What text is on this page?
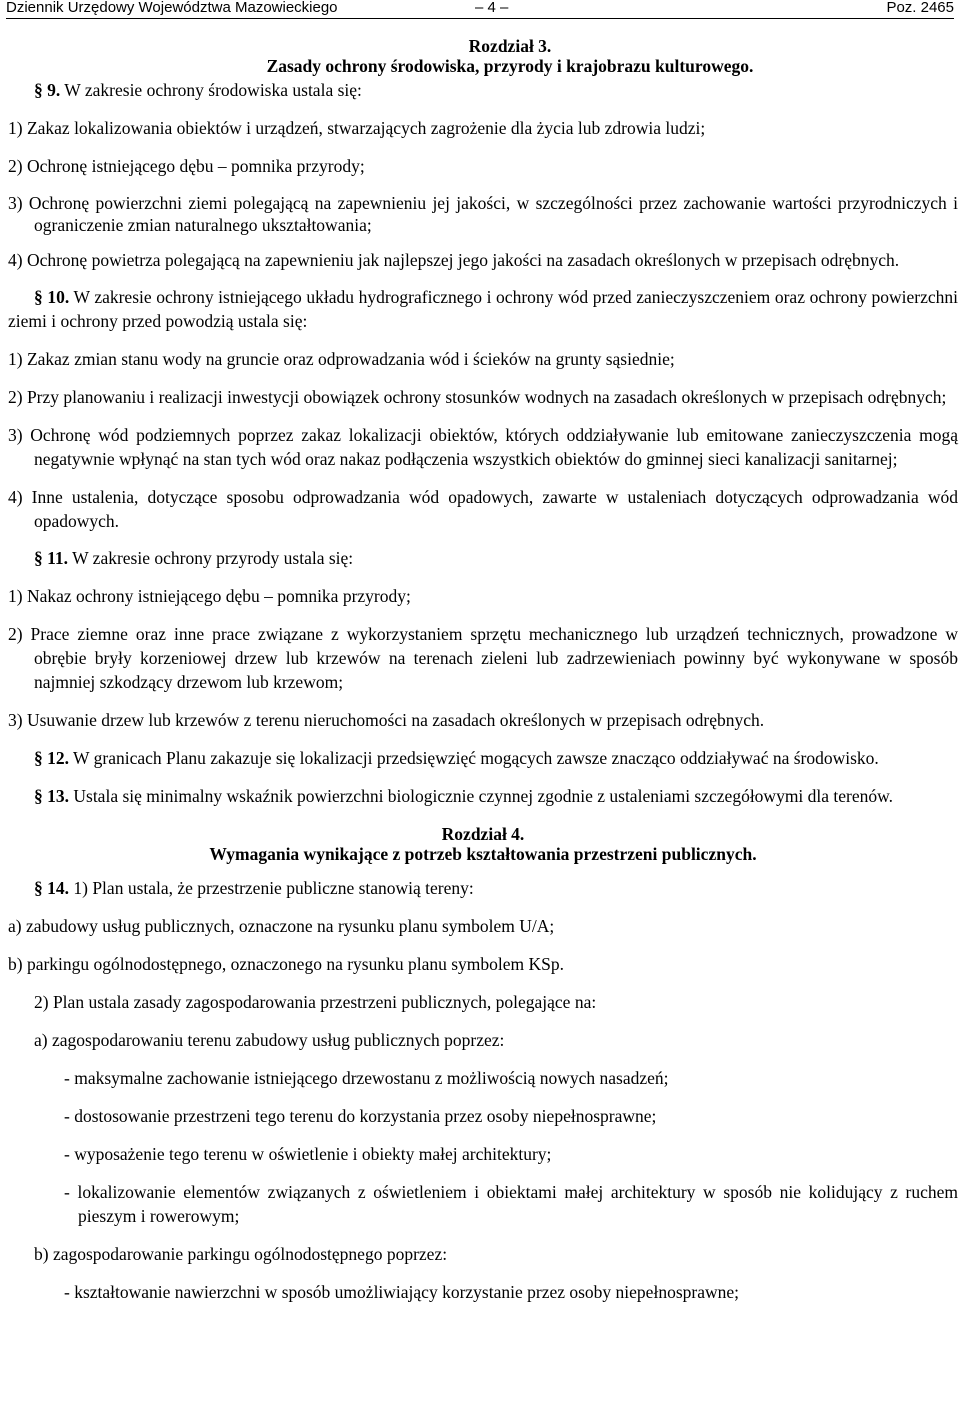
Dziennik Urzędowy Województwa Mazowieckiego	– 4 –	Poz. 2465
Rozdział 3.
Zasady ochrony środowiska, przyrody i krajobrazu kulturowego.

§ 9. W zakresie ochrony środowiska ustala się:

1) Zakaz lokalizowania obiektów i urządzeń, stwarzających zagrożenie dla życia lub zdrowia ludzi;

2) Ochronę istniejącego dębu – pomnika przyrody;

3) Ochronę powierzchni ziemi polegającą na zapewnieniu jej jakości, w szczególności przez zachowanie wartości przyrodniczych i ograniczenie zmian naturalnego ukształtowania;

4) Ochronę powietrza polegającą na zapewnieniu jak najlepszej jego jakości na zasadach określonych w przepisach odrębnych.

§ 10. W zakresie ochrony istniejącego układu hydrograficznego i ochrony wód przed zanieczyszczeniem oraz ochrony powierzchni ziemi i ochrony przed powodzią ustala się:

1) Zakaz zmian stanu wody na gruncie oraz odprowadzania wód i ścieków na grunty sąsiednie;

2) Przy planowaniu i realizacji inwestycji obowiązek ochrony stosunków wodnych na zasadach określonych w przepisach odrębnych;

3) Ochronę wód podziemnych poprzez zakaz lokalizacji obiektów, których oddziaływanie lub emitowane zanieczyszczenia mogą negatywnie wpłynąć na stan tych wód oraz nakaz podłączenia wszystkich obiektów do gminnej sieci kanalizacji sanitarnej;

4) Inne ustalenia, dotyczące sposobu odprowadzania wód opadowych, zawarte w ustaleniach dotyczących odprowadzania wód opadowych.

§ 11. W zakresie ochrony przyrody ustala się:

1) Nakaz ochrony istniejącego dębu – pomnika przyrody;

2) Prace ziemne oraz inne prace związane z wykorzystaniem sprzętu mechanicznego lub urządzeń technicznych, prowadzone w obrębie bryły korzeniowej drzew lub krzewów na terenach zieleni lub zadrzewieniach powinny być wykonywane w sposób najmniej szkodzący drzewom lub krzewom;

3) Usuwanie drzew lub krzewów z terenu nieruchomości na zasadach określonych w przepisach odrębnych.

§ 12. W granicach Planu zakazuje się lokalizacji przedsięwzięć mogących zawsze znacząco oddziaływać na środowisko.

§ 13. Ustala się minimalny wskaźnik powierzchni biologicznie czynnej zgodnie z ustaleniami szczegółowymi dla terenów.

Rozdział 4.
Wymagania wynikające z potrzeb kształtowania przestrzeni publicznych.

§ 14. 1) Plan ustala, że przestrzenie publiczne stanowią tereny:

a) zabudowy usług publicznych, oznaczone na rysunku planu symbolem U/A;

b) parkingu ogólnodostępnego, oznaczonego na rysunku planu symbolem KSp.

2) Plan ustala zasady zagospodarowania przestrzeni publicznych, polegające na:

a) zagospodarowaniu terenu zabudowy usług publicznych poprzez:

- maksymalne zachowanie istniejącego drzewostanu z możliwością nowych nasadzeń;

- dostosowanie przestrzeni tego terenu do korzystania przez osoby niepełnosprawne;

- wyposażenie tego terenu w oświetlenie i obiekty małej architektury;

- lokalizowanie elementów związanych z oświetleniem i obiektami małej architektury w sposób nie kolidujący z ruchem pieszym i rowerowym;

b) zagospodarowanie parkingu ogólnodostępnego poprzez:

- kształtowanie nawierzchni w sposób umożliwiający korzystanie przez osoby niepełnosprawne;
